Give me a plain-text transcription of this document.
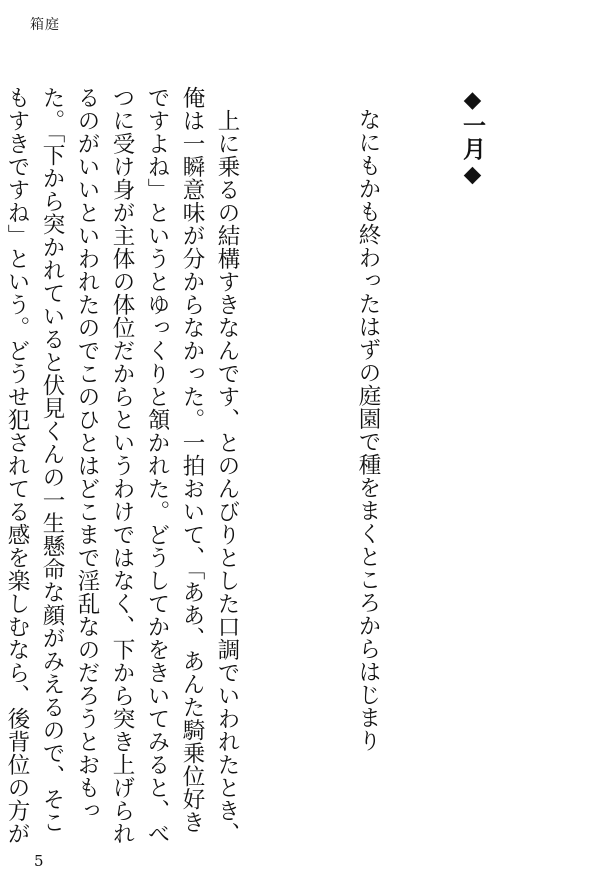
箱庭

◆一月◆

なにもかも終わったはずの庭園で種をまくところからはじまり

　上に乗るの結構すきなんです、とのんびりとした口調でいわれたとき、俺は一瞬意味が分からなかった。一拍おいて、「ああ、あんた騎乗位好きですよね」というとゆっくりと頷かれた。どうしてかをきいてみると、べつに受け身が主体の体位だからというわけではなく、下から突き上げられるのがいいといわれたのでこのひとはどこまで淫乱なのだろうとおもった。「下から突かれていると伏見くんの一生懸命な顔がみえるので、そこもすきですね」という。どうせ犯されてる感を楽しむなら、後背位の方が

5
